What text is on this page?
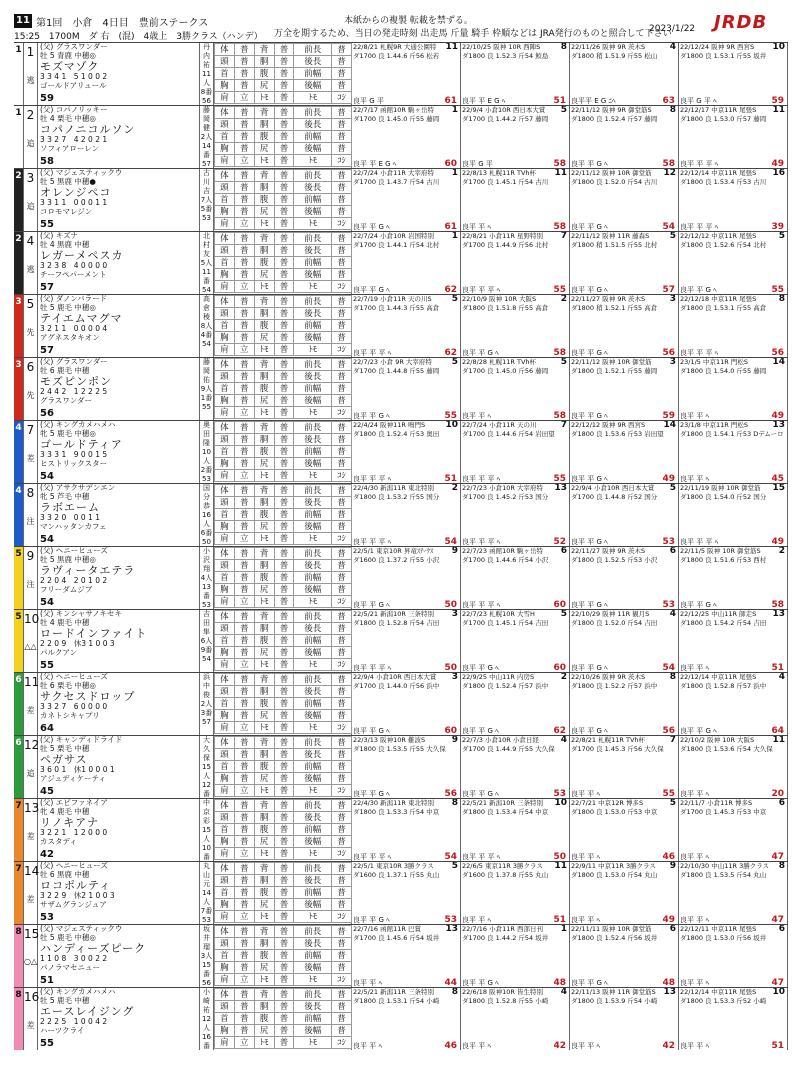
11 第1回　小倉　4日目　豊前ステークス
15:25　1700M　ダ 右　(混)　4歳上　3勝クラス（ハンデ）
本紙からの複製 転載を禁ずる。
万全を期するため、当日の発走時刻 出走馬 斤量 騎手 枠順などは JRA発行のものと照合して下さい
2023/1/22 JRDB
1 1
逃
(父) グラスワンダー
牡 5 青鹿 中穂◎
モズマゾク
3 3 4 1　5 1 0 0 2
ゴールドアリュール
59
丹内祐 11人 8番 56
体	普	背	普	前長	普
頭	普	胴	普	後長	普
首	普	腹	普	前幅	普
胸	普	尻	普	後幅	普
肩	立	ﾄﾓ	普	ﾄﾓ	ｺｼ
22/8/21 札幌9R 大通公園特	11
ダ1700 良 1.44.6 斤56 松若
良平 G 平	61
22/10/25 阪神 10R 西陣S	8
ダ1800 良 1.52.3 斤54 鮫島
良平 平 E G ﾍ	51
22/11/26 阪神 9R 茨木S	4
ダ1800 稍 1.51.9 斤55 松山
良平平 E G ﾆﾍ	63
22/12/24 阪神 9R 西宮S	10
ダ1800 良 1.53.1 斤55 坂井
良平 G 平 ﾍ	59
1 2
追
(父) コパノリッキー
牡 4 栗毛 中穂◎
コパノニコルソン
3 3 2 7　4 2 0 2 1
ソフィアローレン
58
藤岡健 2人 14番 57
体	普	背	普	前長	普
頭	普	胴	普	後長	普
首	普	腹	普	前幅	普
胸	普	尻	普	後幅	普
肩	立	ﾄﾓ	普	ﾄﾓ	ｺｼ
22/7/17 函館10R 駒ヶ岳特	1
ダ1700 良 1.45.0 斤55 藤岡
良平 平 E G ﾍ	60
22/9/4 小倉10R 西日本大賞	5
ダ1700 良 1.44.2 斤57 藤岡
良平 G 平	58
22/11/12 阪神 9R 御堂筋S	8
ダ1800 良 1.52.4 斤57 藤岡
良平 平 G ﾍ	58
22/12/17 中京11R 尾張S	11
ダ1800 良 1.53.0 斤57 藤岡
良平 平 平 ﾍ	49
2 3
追
(父) マジェスティックウ
牡 5 黒鹿 中穂●
オレンジペコ
3 3 1 1　0 0 0 1 1
コロモマレジン
55
古川吉 7人 5番 53
体	普	背	普	前長	普
頭	普	胴	普	後長	普
首	普	腹	普	前幅	普
胸	普	尻	普	後幅	普
肩	立	ﾄﾓ	普	ﾄﾓ	ｺｼ
22/7/24 小倉11R 大宰府特	1
ダ1700 良 1.43.7 斤54 古川
良平 平 G ﾍ	61
22/8/13 札幌11R TVh杯	11
ダ1700 良 1.45.1 斤54 古川
良平 平 ﾍ	58
22/11/12 阪神 10R 御堂筋	12
ダ1800 良 1.52.0 斤54 古川
良平 平 G ﾍ	54
22/12/14 中京11R 尾張S	16
ダ1800 良 1.53.4 斤53 古川
良平 平 平 ﾍ	39
2 4
逃
(父) キズナ
牡 4 黒鹿 中穂
レガーメペスカ
3 2 3 8　4 0 0 0 0
チーフペパーメント
57
北村友 5人 11番 54
体	普	背	普	前長	普
頭	普	胴	普	後長	普
首	普	腹	普	前幅	普
胸	普	尻	普	後幅	普
肩	立	ﾄﾓ	普	ﾄﾓ	ｺｼ
22/7/24 小倉10R 岩国特別	1
ダ1700 良 1.44.1 斤54 北村
良平 平 G ﾍ	62
22/8/21 小倉11R 星野特別	7
ダ1700 良 1.44.9 斤56 北村
良平 平 平 ﾍ	55
22/11/12 阪神 11R 藤森S	5
ダ1800 稍 1.51.5 斤55 北村
良平 平 G ﾍ	57
22/12/12 中京11R 尾張S	5
ダ1800 良 1.52.6 斤54 北村
良平 平 G ﾍ	55
3 5
先
(父) ダノンバラード
牡 5 鹿毛 中穂◎
テイエムマグマ
3 2 1 1　0 0 0 0 4
アグネスタキオン
57
高倉稜 8人 4番 54
体	普	背	普	前長	普
頭	普	胴	普	後長	普
首	普	腹	普	前幅	普
胸	普	尻	普	後幅	普
肩	立	ﾄﾓ	普	ﾄﾓ	ｺｼ
22/7/19 小倉11R 天の川S	5
ダ1700 良 1.44.3 斤55 高倉
良平 平 平 ﾍ	62
22/10/9 阪神 10R 大阪S	2
ダ1800 良 1.51.8 斤55 高倉
良平 平 G ﾍ	58
22/11/27 阪神 9R 茨木S	3
ダ1800 稍 1.52.1 斤55 高倉
良平 平 G ﾍ	56
22/12/18 中京11R 尾張S	8
ダ1800 良 1.53.1 斤55 高倉
良平 平 平 ﾍ	56
3 6
先
(父) グラスワンダー
牡 6 鹿毛 中穂
モズピンポン
2 4 4 2　1 2 2 2 5
グラスワンダー
56
藤岡佑 9人 1番 55
体	普	背	普	前長	普
頭	普	胴	普	後長	普
首	普	腹	普	前幅	普
胸	普	尻	普	後幅	普
肩	立	ﾄﾓ	普	ﾄﾓ	ｺｼ
22/7/23 小倉 9R 大宰府特	5
ダ1700 良 1.44.8 斤55 藤岡
良平 平 G ﾍ	55
22/8/28 札幌11R TVh杯	5
ダ1700 良 1.45.0 斤56 藤岡
良平 平 ﾍ	58
22/11/12 阪神 10R 御堂筋	3
ダ1800 良 1.52.1 斤55 藤岡
良平 平 G ﾍ	59
23/1/5 中京11R 門松S	14
ダ1800 良 1.54.0 斤55 藤岡
良平 平 ﾍ	49
4 7
差
(父) キングカメハメハ
牝 5 鹿毛 中穂◎
ゴールドティア
3 3 3 1　9 0 0 1 5
ヒストリックスター
54
奥田隆 10人 2番 53
体	普	背	普	前長	普
頭	普	胴	普	後長	普
首	普	腹	普	前幅	普
胸	普	尻	普	後幅	普
肩	立	ﾄﾓ	普	ﾄﾓ	ｺｼ
22/4/24 阪神11R 鳴門S	10
ダ1800 良 1.52.4 斤53 奥田
良平 平 平 ﾍ	51
22/7/24 小倉11R 天の川	7
ダ1700 良 1.44.6 斤54 岩田望
良平 平 平 ﾍ	55
22/12/12 阪神 9R 西宮S	14
ダ1800 良 1.53.6 斤53 岩田望
良平 平 G ﾍ	49
23/1/8 中京11R 門松S	13
ダ1800 良 1.54.1 斤53 Dデムーロ
良平 平 ﾍ	45
4 8
注
(父) アサクサデンエン
牝 5 芦毛 中穂
ラボエーム
3 3 2 0　0 0 1 1
マンハッタンカフェ
54
国分恭 16人 6番 50
体	普	背	普	前長	普
頭	普	胴	普	後長	普
首	普	腹	普	前幅	普
胸	普	尻	普	後幅	普
肩	立	ﾄﾓ	普	ﾄﾓ	ｺｼ
22/4/30 新潟11R 東北特別	2
ダ1800 良 1.53.2 斤55 国分
良平 平 平 ﾍ	54
22/7/23 小倉10R 大宰府特	13
ダ1700 良 1.45.2 斤53 国分
良平 平 平 ﾍ	52
22/9/4 小倉10R 西日本大賞	5
ダ1700 良 1.44.8 斤52 国分
良平 平 G ﾍ	53
22/11/19 阪神 10R 御堂筋	15
ダ1800 良 1.54.0 斤52 国分
良平 平 平 ﾍ	49
5 9
注
(父) ヘニーヒューズ
牡 5 黒鹿 中穂◎
ラヴィータエテラ
2 2 0 4　2 0 1 0 2
フリーダムジブ
54
小沢翔 4人 13番 53
体	普	背	普	前長	普
頭	普	胴	普	後長	普
首	普	腹	普	前幅	普
胸	普	尻	普	後幅	普
肩	立	ﾄﾓ	普	ﾄﾓ	ｺｼ
22/5/1 東京10R 昇竜ｽﾃｰｸｽ	9
ダ1600 良 1.37.2 斤55 小沢
良平 平 G ﾍ	50
22/7/23 函館10R 駒ヶ岳特	6
ダ1700 良 1.44.6 斤54 小沢
良平 平 平 ﾍ	60
22/11/27 阪神 9R 茨木S	6
ダ1800 良 1.52.5 斤53 小沢
良平 平 G ﾍ	53
22/11/5 阪神 10R 御堂筋S	2
ダ1800 良 1.51.6 斤53 西村
良平 平 G ﾍ	58
5 10
△△
(父) キンシャサノキセキ
牡 4 鹿毛 中穂
ロードインファイト
2 2 0 9　休3 1 0 0 3
パルクアン
55
吉田隼 6人 9番 54
体	普	背	普	前長	普
頭	普	胴	普	後長	普
首	普	腹	普	前幅	普
胸	普	尻	普	後幅	普
肩	立	ﾄﾓ	普	ﾄﾓ	ｺｼ
22/5/21 新潟10R 三条特別	3
ダ1800 良 1.52.8 斤54 吉田
良平 平 平 ﾍ	50
22/7/23 札幌10R 大雪H	5
ダ1700 良 1.45.1 斤54 吉田
良平 平 G ﾍ	60
22/10/29 阪神 11R 観月S	4
ダ1800 良 1.52.0 斤54 吉田
良平 平 G ﾍ	54
22/12/25 中山11R 師走S	13
ダ1800 良 1.54.2 斤54 吉田
良平 平 ﾍ	51
6 11
差
(父) ヘニーヒューズ
牡 6 栗毛 中穂◎
サクセスドロップ
3 3 2 7　6 0 0 0 0
カネトシキャプリ
64
浜中俊 2人 3番 57
体	普	背	普	前長	普
頭	普	胴	普	後長	普
首	普	腹	普	前幅	普
胸	普	尻	普	後幅	普
肩	立	ﾄﾓ	普	ﾄﾓ	ｺｼ
22/9/4 小倉10R 西日本大賞	3
ダ1700 良 1.44.0 斤56 浜中
良平 平 G ﾍ	60
22/9/25 中山11R 内房S	2
ダ1800 良 1.52.4 斤57 浜中
良平 平 G ﾍ	62
22/10/26 阪神 9R 茨木S	8
ダ1800 良 1.52.2 斤57 浜中
良平 平 G ﾍ	56
22/12/14 中京11R 尾張S	4
ダ1800 良 1.52.8 斤57 浜中
良平 平 G ﾍ	64
6 12
追
(父) キャンディドライド
牡 5 栗毛 中穂
ペガサス
3 6 0 1　休1 0 0 0 1
アジュディケーティ
45
大久保 15人 12番
体	普	背	普	前長	普
頭	普	胴	普	後長	普
首	普	腹	普	前幅	普
胸	普	尻	普	後幅	普
肩	立	ﾄﾓ	普	ﾄﾓ	ｺｼ
22/3/13 阪神10R 難波S	9
ダ1800 良 1.53.5 斤55 大久保
良平 平 G ﾍ	56
22/7/3 小倉10R 小倉日経	4
ダ1700 良 1.44.9 斤55 大久保
良平 平 G ﾍ	53
22/8/21 札幌11R TVh杯	7
ダ1700 良 1.45.3 斤56 大久保
良平 平 ﾍ	55
22/10/2 阪神 10R 大阪S	11
ダ1800 良 1.53.6 斤54 大久保
良平 平 ﾍ	20
7 13
差
(父) エピファネイア
牝 4 鹿毛 中穂
リノキアナ
3 2 2 1　1 2 0 0 0
カスタディ
42
中京彩 15人 10番
体	普	背	普	前長	普
頭	普	胴	普	後長	普
首	普	腹	普	前幅	普
胸	普	尻	普	後幅	普
肩	立	ﾄﾓ	普	ﾄﾓ	ｺｼ
22/4/30 新潟11R 東北特別	8
ダ1800 良 1.53.3 斤54 中京
良平 平 平 ﾍ	54
22/5/21 新潟10R 三条特別	10
ダ1800 良 1.53.4 斤54 中京
良平 平 平 ﾍ	50
22/7/21 中京12R 博多S	5
ダ1800 良 1.53.0 斤53 中京
良平 平 ﾍ	46
22/11/7 小倉11R 博多S	6
ダ1700 良 1.45.3 斤53 中京
良平 平 ﾍ	47
7 14
差
(父) ヘニーヒューズ
牡 6 黒鹿 中穂
ロコポルティ
3 2 2 9　休2 1 0 0 3
サザムグランジュア
53
丸山元 14人 7番 53
体	普	背	普	前長	普
頭	普	胴	普	後長	普
首	普	腹	普	前幅	普
胸	普	尻	普	後幅	普
肩	立	ﾄﾓ	普	ﾄﾓ	ｺｼ
22/5/1 東京10R 3勝クラス	5
ダ1600 良 1.37.1 斤55 丸山
良平 平 G ﾍ	53
22/6/5 東京11R 3勝クラス	11
ダ1600 良 1.37.8 斤55 丸山
良平 平 ﾍ	51
22/9/11 中京11R 3勝クラス	9
ダ1800 良 1.53.0 斤54 丸山
良平 平 ﾍ	49
22/10/30 中山11R 3勝クラス	8
ダ1800 良 1.53.5 斤54 丸山
良平 平 ﾍ	47
8 15
○△
(父) マジェスティックウ
牡 5 鹿毛 中穂◎
ハンディーズピーク
1 1 0 8　3 0 0 2 2
パノラマセニュー
51
坂井瑠 3人 15番 56
体	普	背	普	前長	普
頭	普	胴	普	後長	普
首	普	腹	普	前幅	普
胸	普	尻	普	後幅	普
肩	立	ﾄﾓ	普	ﾄﾓ	ｺｼ
22/7/16 函館11R 巴賞	13
ダ1700 良 1.45.6 斤54 坂井
良平 平 ﾍ	44
22/7/16 小倉11R 西部日刊	1
ダ1700 良 1.44.2 斤54 坂井
良平 平 G ﾍ	48
22/11/11 阪神 10R 御堂筋	6
ダ1800 良 1.52.4 斤56 坂井
良平 平 G ﾍ	48
22/12/11 中京11R 尾張S	6
ダ1800 良 1.53.0 斤56 坂井
良平 平 ﾍ	47
8 16
差
(父) キングカメハメハ
牡 5 鹿毛 中穂
エースレイジング
2 2 2 5　1 0 0 4 2
ハーツクライ
55
小崎祐 12人 16番
体	普	背	普	前長	普
頭	普	胴	普	後長	普
首	普	腹	普	前幅	普
胸	普	尻	普	後幅	普
肩	立	ﾄﾓ	普	ﾄﾓ	ｺｼ
22/5/21 新潟11R 三条特別	8
ダ1800 良 1.53.1 斤54 小崎
良平 平 ﾍ	46
22/6/18 阪神10R 皆生特別	4
ダ1800 良 1.52.8 斤55 小崎
良平 平 ﾍ	42
22/11/13 阪神 11R 御堂筋S 13
ダ1800 良 1.53.9 斤54 小崎
良平 平 ﾍ	42
22/12/14 中京11R 尾張S	10
ダ1800 良 1.53.3 斤52 小崎
良平 平 ﾍ	51
